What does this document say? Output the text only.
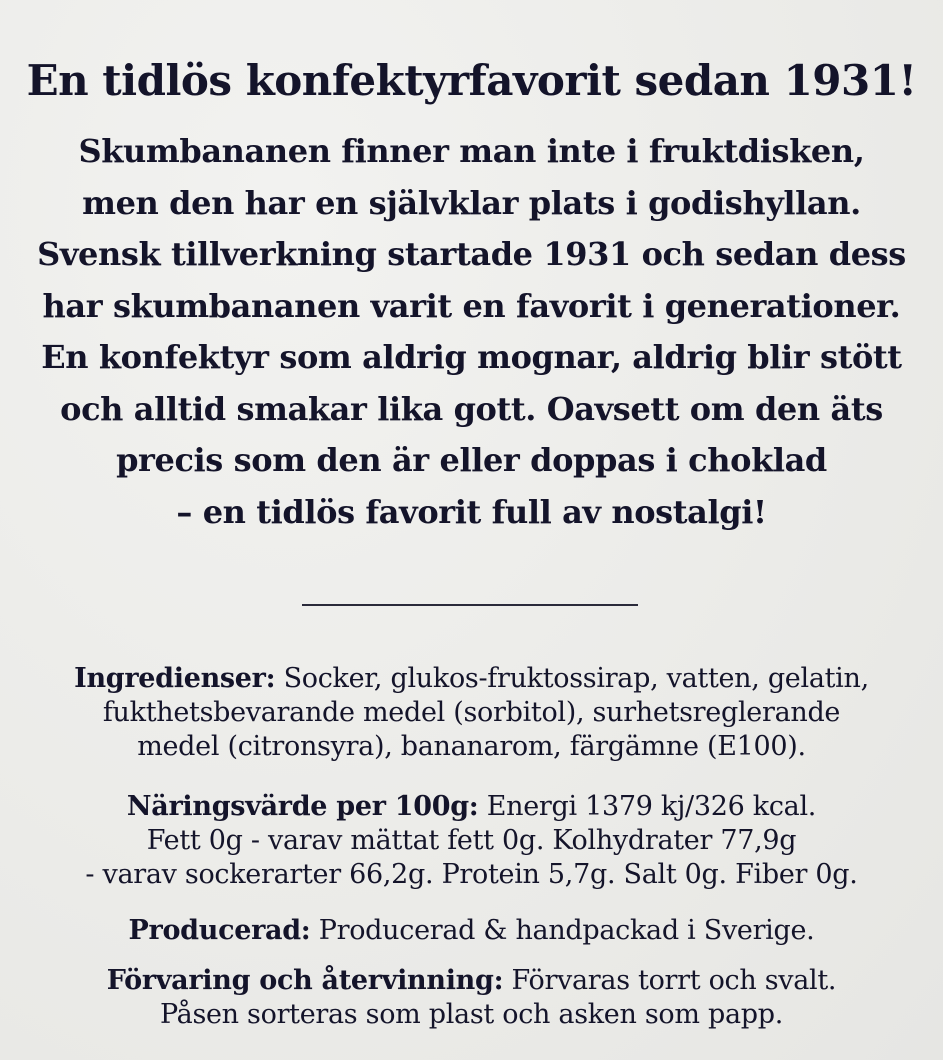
En tidlös konfektyrfavorit sedan 1931!
Skumbananen finner man inte i fruktdisken,
men den har en självklar plats i godishyllan.
Svensk tillverkning startade 1931 och sedan dess
har skumbananen varit en favorit i generationer.
En konfektyr som aldrig mognar, aldrig blir stött
och alltid smakar lika gott. Oavsett om den äts
precis som den är eller doppas i choklad
– en tidlös favorit full av nostalgi!
Ingredienser: Socker, glukos-fruktossirap, vatten, gelatin,
fukthetsbevarande medel (sorbitol), surhetsreglerande
medel (citronsyra), bananarom, färgämne (E100).
Näringsvärde per 100g: Energi 1379 kj/326 kcal.
Fett 0g - varav mättat fett 0g. Kolhydrater 77,9g
- varav sockerarter 66,2g. Protein 5,7g. Salt 0g. Fiber 0g.
Producerad: Producerad & handpackad i Sverige.
Förvaring och återvinning: Förvaras torrt och svalt.
Påsen sorteras som plast och asken som papp.
